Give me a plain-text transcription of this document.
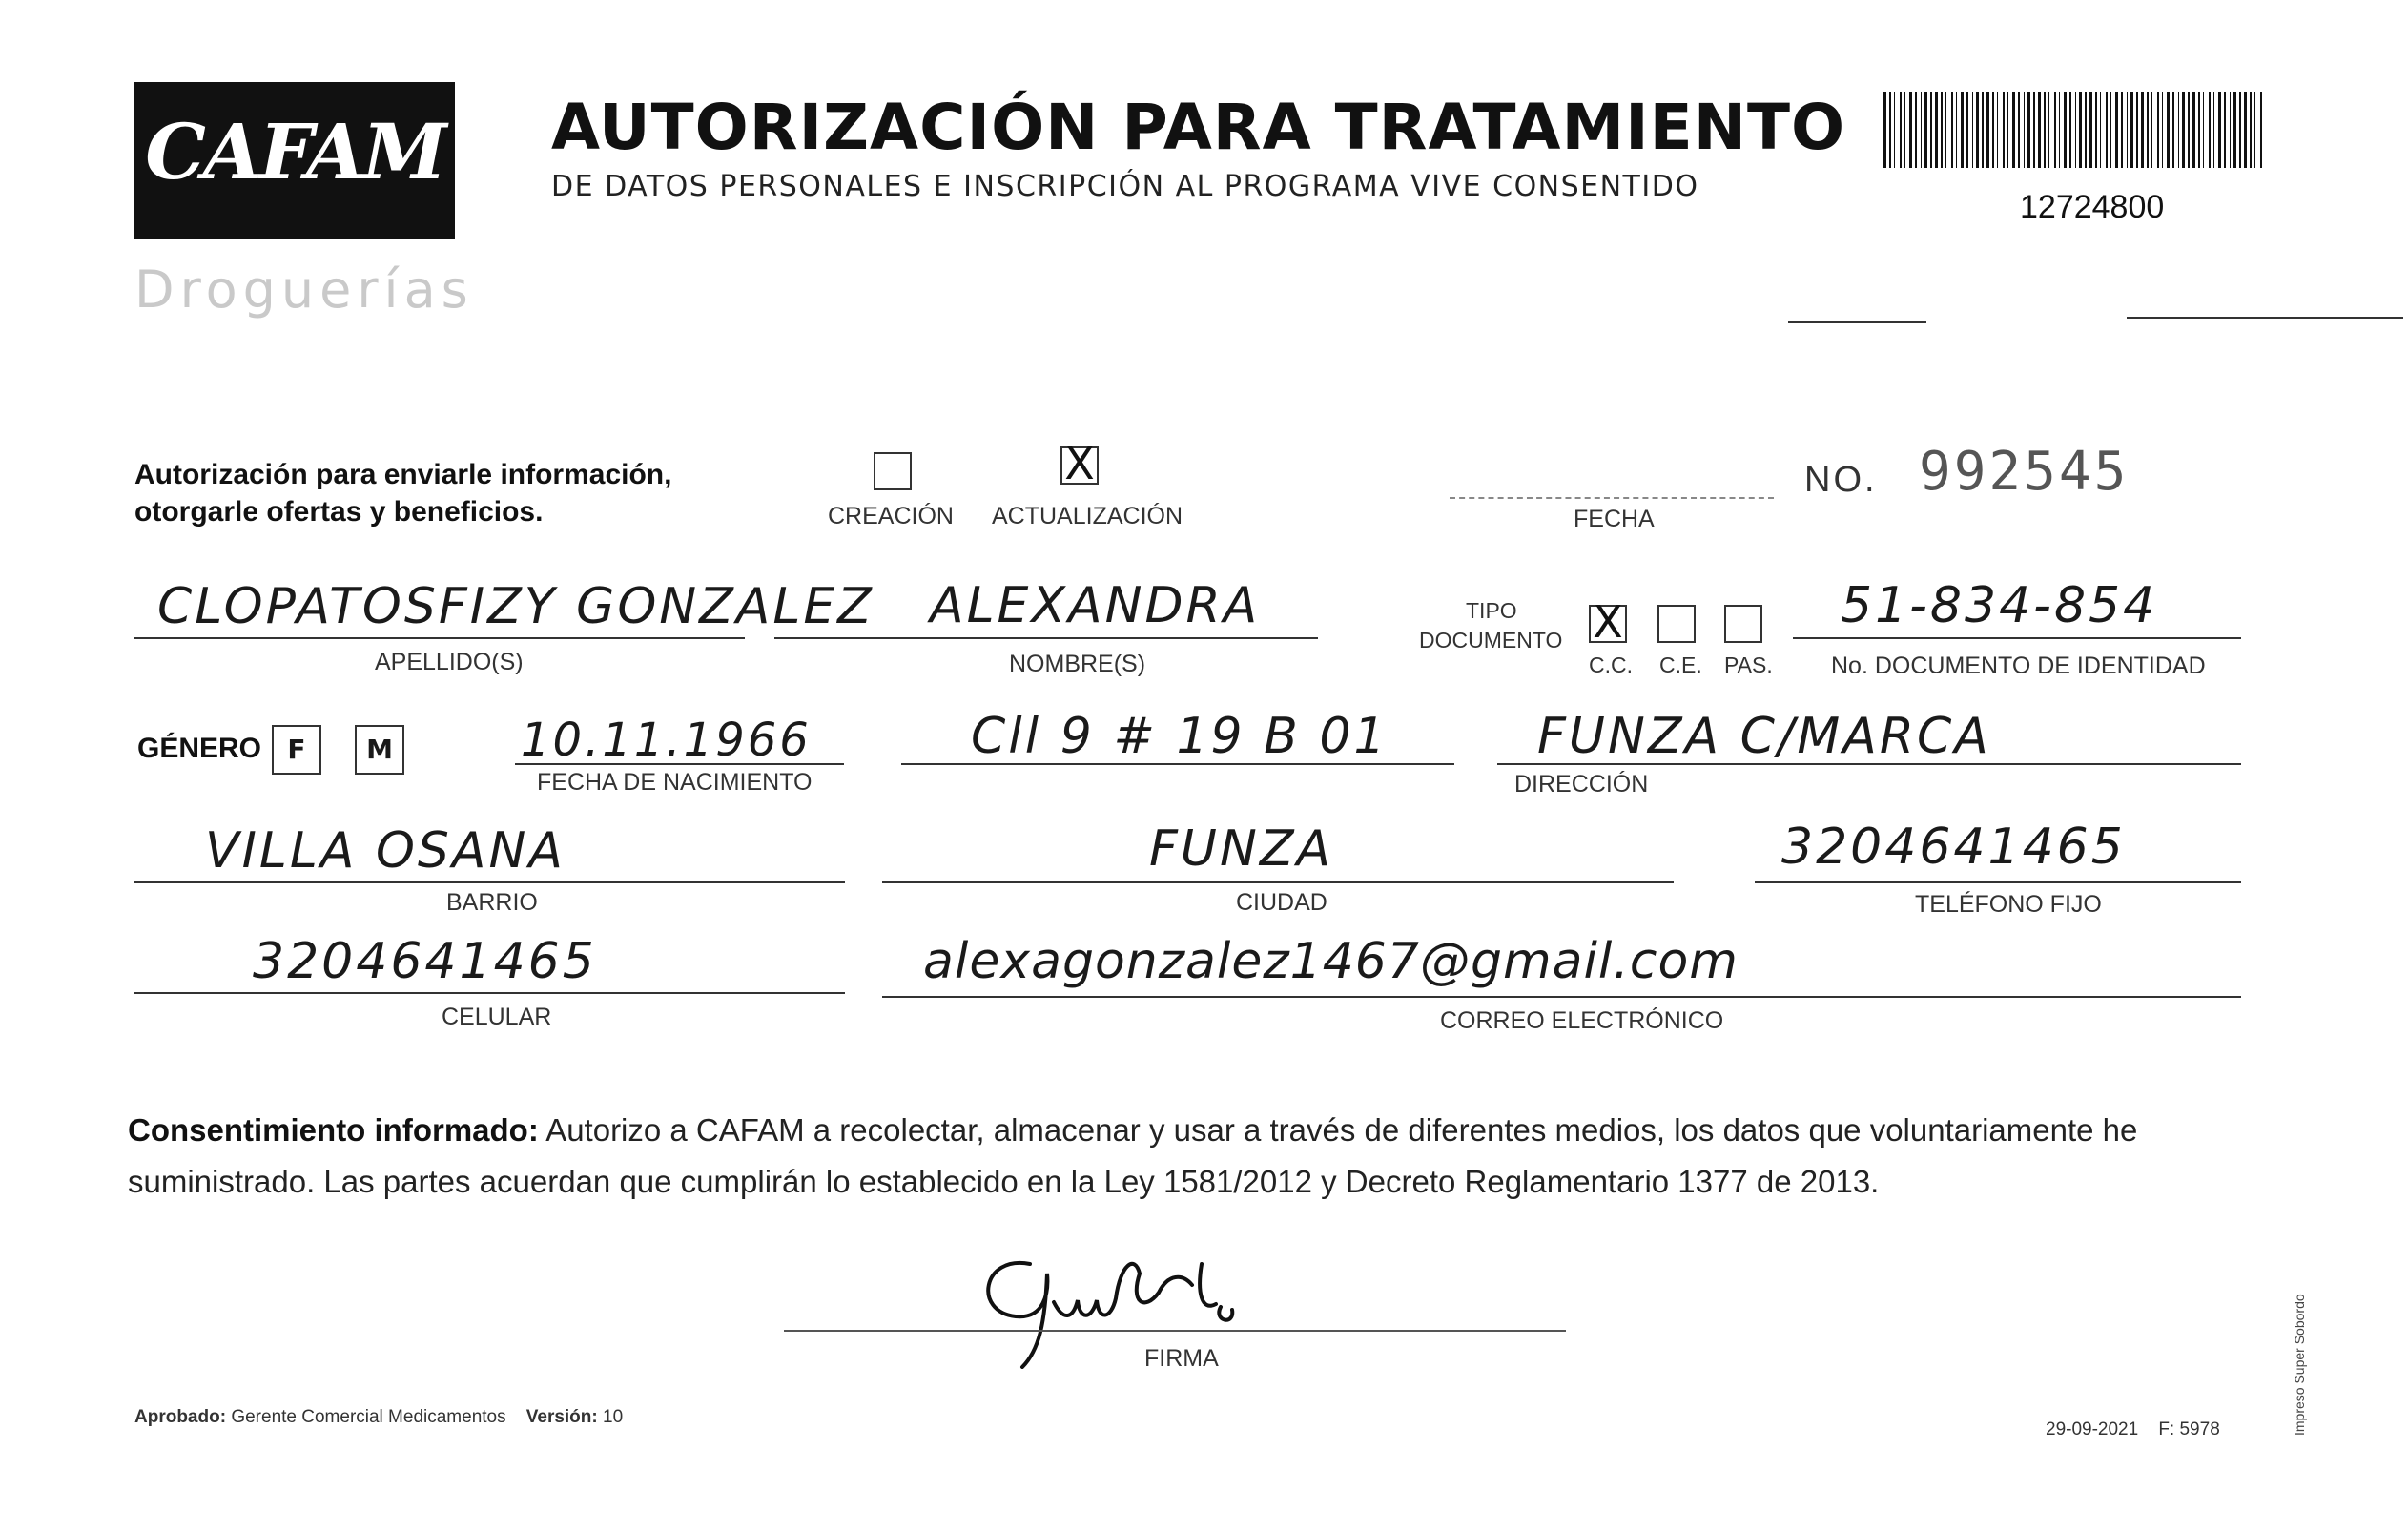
CAFAM
Droguerías
AUTORIZACIÓN PARA TRATAMIENTO
DE DATOS PERSONALES E INSCRIPCIÓN AL PROGRAMA VIVE CONSENTIDO
12724800
Autorización para enviarle información,
otorgarle ofertas y beneficios.	CREACIÓN
X
ACTUALIZACIÓN	FECHA
NO. 992545
CLOPATOSFIZY GONZALEZ
APELLIDO(S)
ALEXANDRA
NOMBRE(S)
TIPO
DOCUMENTO X
C.C. C.E. PAS.
51-834-854
No. DOCUMENTO DE IDENTIDAD
GÉNERO F	M	10.11.1966
FECHA DE NACIMIENTO
Cll 9 # 19 B 01	FUNZA C/MARCA
DIRECCIÓN
VILLA OSANA
BARRIO
FUNZA
CIUDAD
3204641465
TELÉFONO FIJO
3204641465
CELULAR
alexagonzalez1467@gmail.com
CORREO ELECTRÓNICO
Consentimiento informado: Autorizo a CAFAM a recolectar, almacenar y usar a través de diferentes medios, los datos que voluntariamente he suministrado. Las partes acuerdan que cumplirán lo establecido en la Ley 1581/2012 y Decreto Reglamentario 1377 de 2013.
FIRMA
Aprobado: Gerente Comercial Medicamentos Versión: 10
29-09-2021 F: 5978	Impreso Super Sobordo
